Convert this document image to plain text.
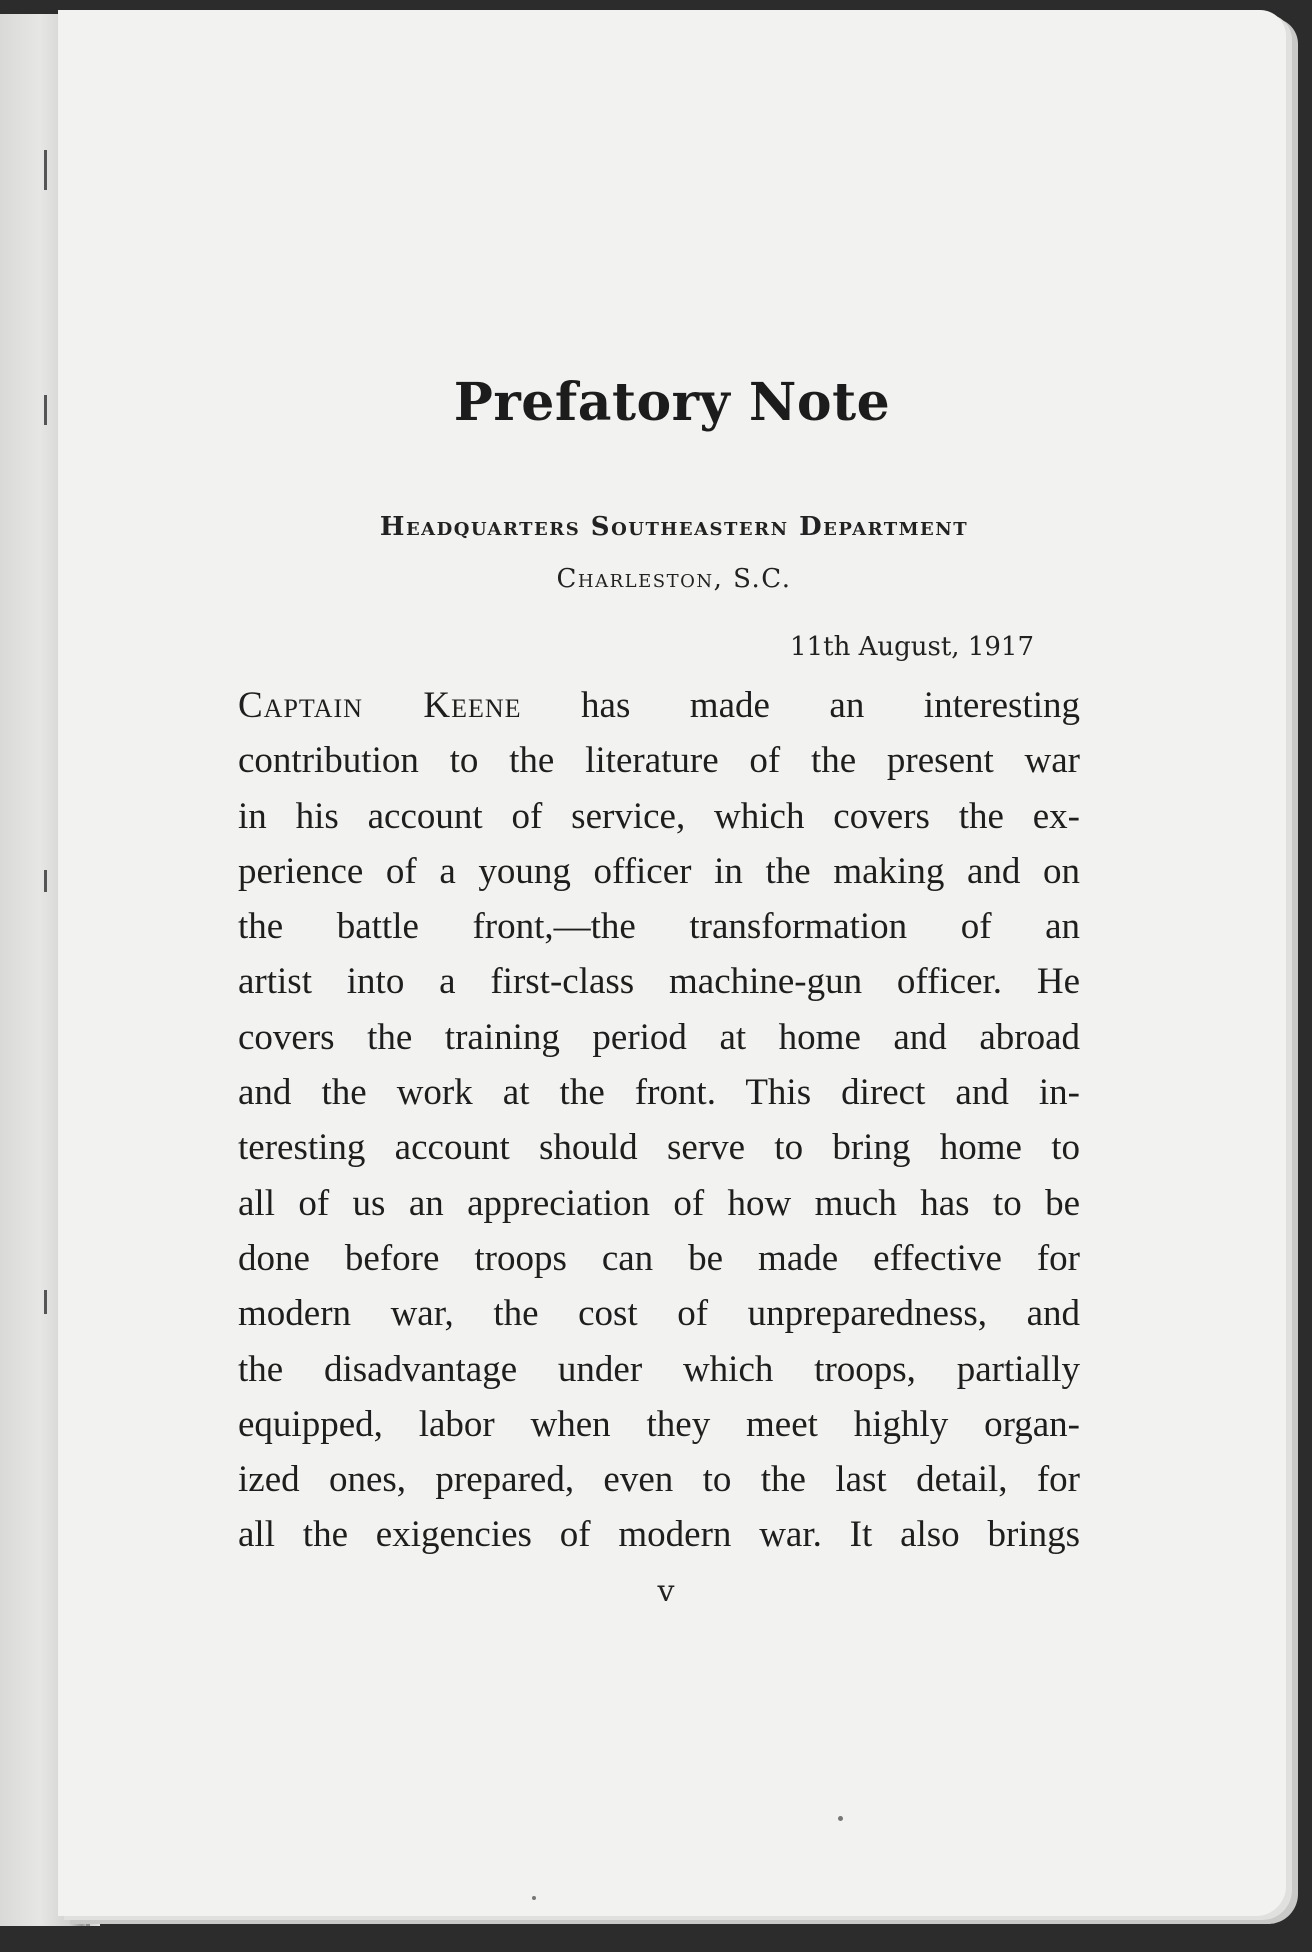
Prefatory Note
Headquarters Southeastern Department
Charleston, S.C.
11th August, 1917
Captain Keene has made an interesting
contribution to the literature of the present war
in his account of service, which covers the ex-
perience of a young officer in the making and on
the battle front,—the transformation of an
artist into a first-class machine-gun officer. He
covers the training period at home and abroad
and the work at the front. This direct and in-
teresting account should serve to bring home to
all of us an appreciation of how much has to be
done before troops can be made effective for
modern war, the cost of unpreparedness, and
the disadvantage under which troops, partially
equipped, labor when they meet highly organ-
ized ones, prepared, even to the last detail, for
all the exigencies of modern war. It also brings
v
